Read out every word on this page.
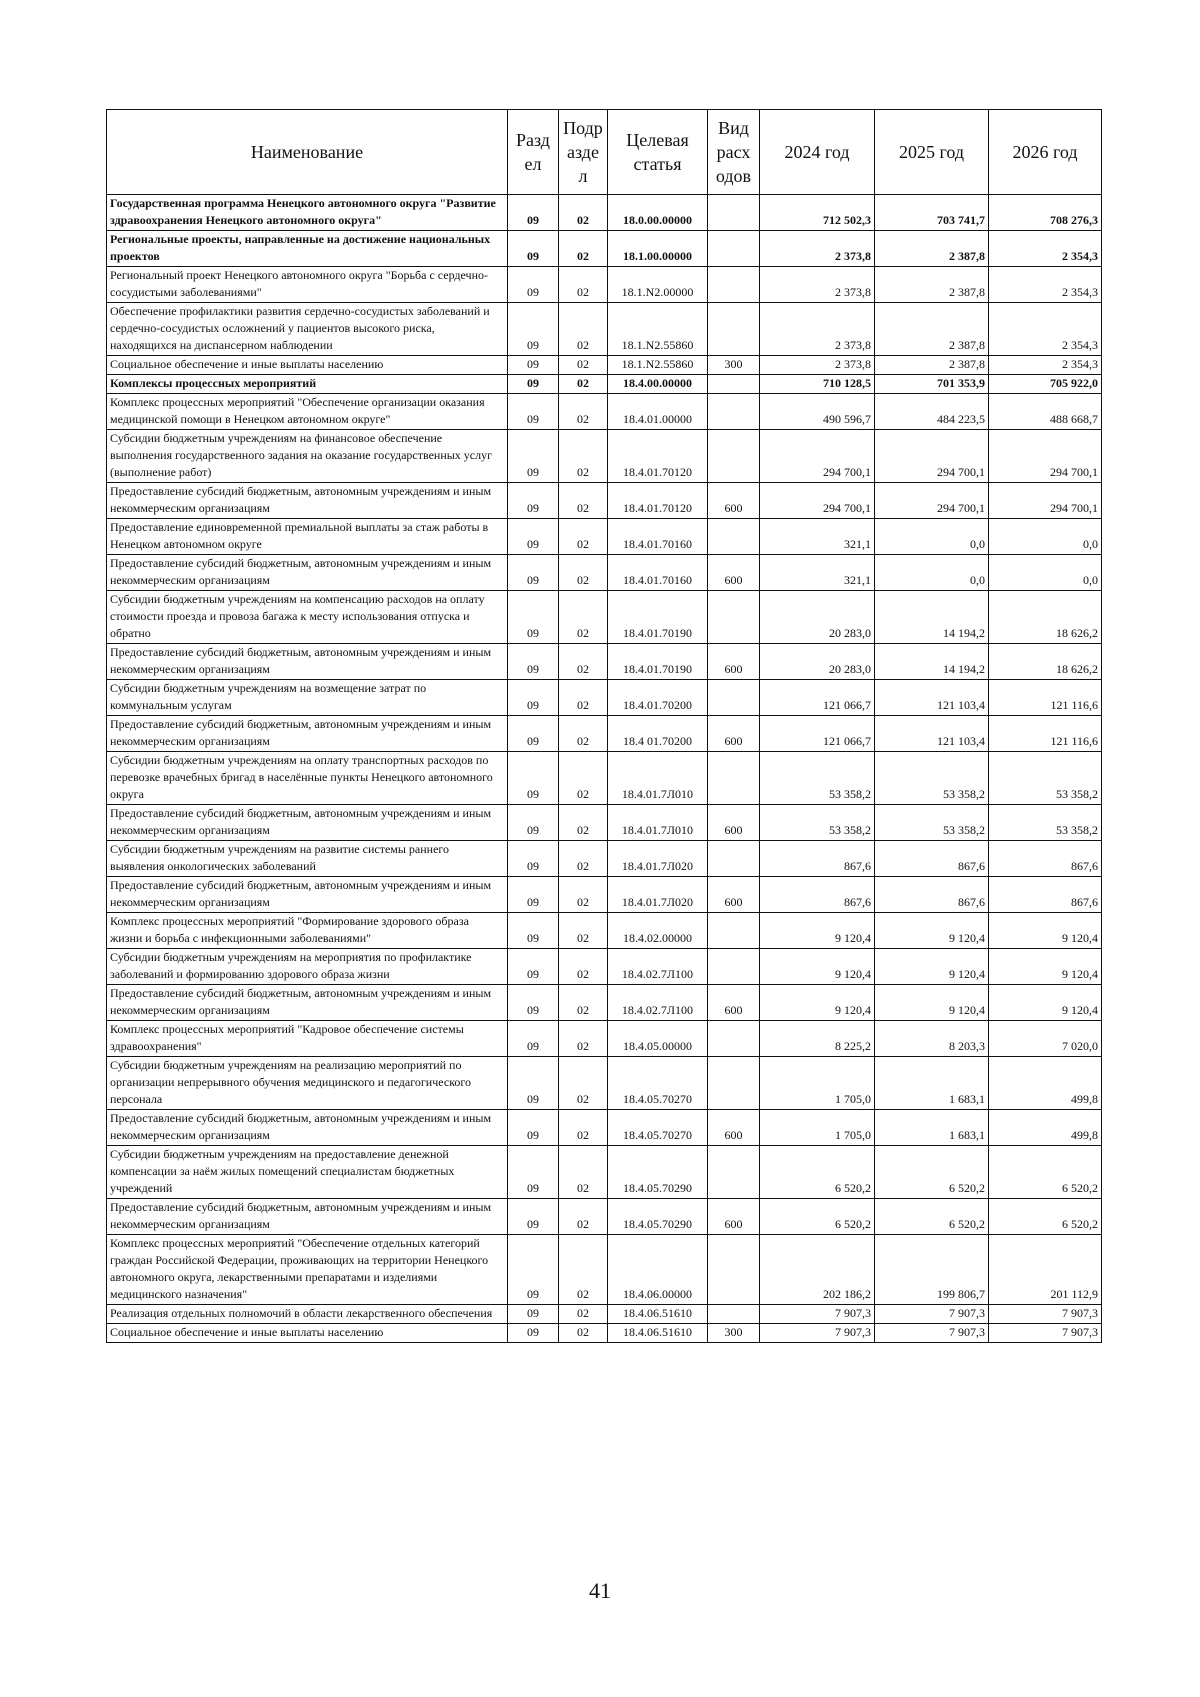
Наименование	Разд ел	Подр азде л	Целевая статья	Вид расх одов	2024 год	2025 год	2026 год
Государственная программа Ненецкого автономного округа "Развитие здравоохранения Ненецкого автономного округа"	09	02	18.0.00.00000		712 502,3	703 741,7	708 276,3
Региональные проекты, направленные на достижение национальных проектов	09	02	18.1.00.00000		2 373,8	2 387,8	2 354,3
Региональный проект Ненецкого автономного округа "Борьба с сердечно-сосудистыми заболеваниями"	09	02	18.1.N2.00000		2 373,8	2 387,8	2 354,3
Обеспечение профилактики развития сердечно-сосудистых заболеваний и сердечно-сосудистых осложнений у пациентов высокого риска, находящихся на диспансерном наблюдении	09	02	18.1.N2.55860		2 373,8	2 387,8	2 354,3
Социальное обеспечение и иные выплаты населению	09	02	18.1.N2.55860	300	2 373,8	2 387,8	2 354,3
Комплексы процессных мероприятий	09	02	18.4.00.00000		710 128,5	701 353,9	705 922,0
Комплекс процессных мероприятий "Обеспечение организации оказания медицинской помощи в Ненецком автономном округе"	09	02	18.4.01.00000		490 596,7	484 223,5	488 668,7
Субсидии бюджетным учреждениям на финансовое обеспечение выполнения государственного задания на оказание государственных услуг (выполнение работ)	09	02	18.4.01.70120		294 700,1	294 700,1	294 700,1
Предоставление субсидий бюджетным, автономным учреждениям и иным некоммерческим организациям	09	02	18.4.01.70120	600	294 700,1	294 700,1	294 700,1
Предоставление единовременной премиальной выплаты за стаж работы в Ненецком автономном округе	09	02	18.4.01.70160		321,1	0,0	0,0
Предоставление субсидий бюджетным, автономным учреждениям и иным некоммерческим организациям	09	02	18.4.01.70160	600	321,1	0,0	0,0
Субсидии бюджетным учреждениям на компенсацию расходов на оплату стоимости проезда и провоза багажа к месту использования отпуска и обратно	09	02	18.4.01.70190		20 283,0	14 194,2	18 626,2
Предоставление субсидий бюджетным, автономным учреждениям и иным некоммерческим организациям	09	02	18.4.01.70190	600	20 283,0	14 194,2	18 626,2
Субсидии бюджетным учреждениям на возмещение затрат по коммунальным услугам	09	02	18.4.01.70200		121 066,7	121 103,4	121 116,6
Предоставление субсидий бюджетным, автономным учреждениям и иным некоммерческим организациям	09	02	18.4 01.70200	600	121 066,7	121 103,4	121 116,6
Субсидии бюджетным учреждениям на оплату транспортных расходов по перевозке врачебных бригад в населённые пункты Ненецкого автономного округа	09	02	18.4.01.7Л010		53 358,2	53 358,2	53 358,2
Предоставление субсидий бюджетным, автономным учреждениям и иным некоммерческим организациям	09	02	18.4.01.7Л010	600	53 358,2	53 358,2	53 358,2
Субсидии бюджетным учреждениям на развитие системы раннего выявления онкологических заболеваний	09	02	18.4.01.7Л020		867,6	867,6	867,6
Предоставление субсидий бюджетным, автономным учреждениям и иным некоммерческим организациям	09	02	18.4.01.7Л020	600	867,6	867,6	867,6
Комплекс процессных мероприятий "Формирование здорового образа жизни и борьба с инфекционными заболеваниями"	09	02	18.4.02.00000		9 120,4	9 120,4	9 120,4
Субсидии бюджетным учреждениям на мероприятия по профилактике заболеваний и формированию здорового образа жизни	09	02	18.4.02.7Л100		9 120,4	9 120,4	9 120,4
Предоставление субсидий бюджетным, автономным учреждениям и иным некоммерческим организациям	09	02	18.4.02.7Л100	600	9 120,4	9 120,4	9 120,4
Комплекс процессных мероприятий "Кадровое обеспечение системы здравоохранения"	09	02	18.4.05.00000		8 225,2	8 203,3	7 020,0
Субсидии бюджетным учреждениям на реализацию мероприятий по организации непрерывного обучения медицинского и педагогического персонала	09	02	18.4.05.70270		1 705,0	1 683,1	499,8
Предоставление субсидий бюджетным, автономным учреждениям и иным некоммерческим организациям	09	02	18.4.05.70270	600	1 705,0	1 683,1	499,8
Субсидии бюджетным учреждениям на предоставление денежной компенсации за наём жилых помещений специалистам бюджетных учреждений	09	02	18.4.05.70290		6 520,2	6 520,2	6 520,2
Предоставление субсидий бюджетным, автономным учреждениям и иным некоммерческим организациям	09	02	18.4.05.70290	600	6 520,2	6 520,2	6 520,2
Комплекс процессных мероприятий "Обеспечение отдельных категорий граждан Российской Федерации, проживающих на территории Ненецкого автономного округа, лекарственными препаратами и изделиями медицинского назначения"	09	02	18.4.06.00000		202 186,2	199 806,7	201 112,9
Реализация отдельных полномочий в области лекарственного обеспечения	09	02	18.4.06.51610		7 907,3	7 907,3	7 907,3
Социальное обеспечение и иные выплаты населению	09	02	18.4.06.51610	300	7 907,3	7 907,3	7 907,3
41
